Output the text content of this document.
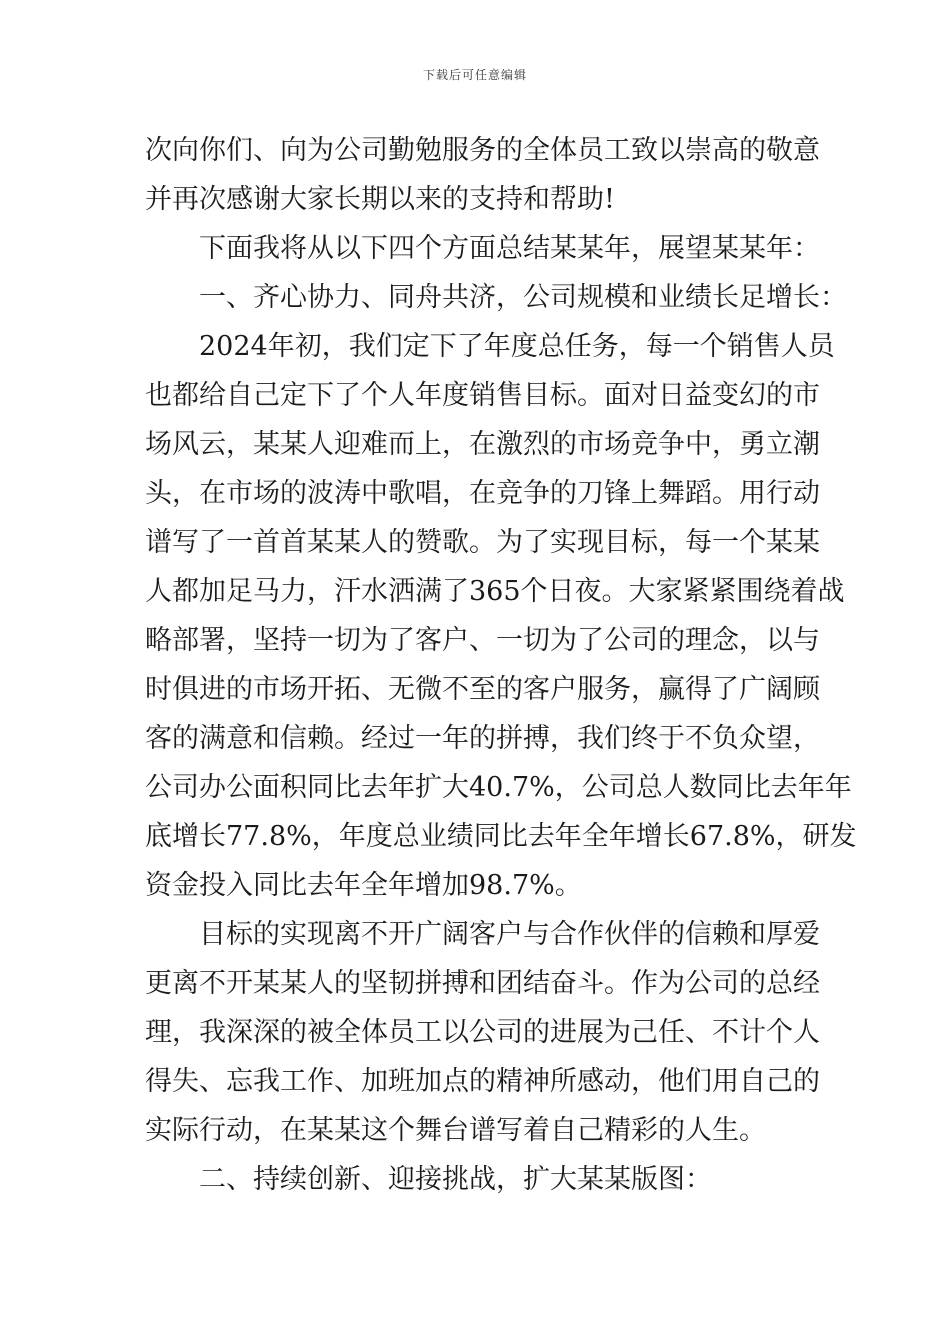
下载后可任意编辑
次向你们、向为公司勤勉服务的全体员工致以崇高的敬意
并再次感谢大家长期以来的支持和帮助!
下面我将从以下四个方面总结某某年，展望某某年：
一、齐心协力、同舟共济，公司规模和业绩长足增长：
2024年初，我们定下了年度总任务，每一个销售人员
也都给自己定下了个人年度销售目标。面对日益变幻的市
场风云，某某人迎难而上，在激烈的市场竞争中，勇立潮
头，在市场的波涛中歌唱，在竞争的刀锋上舞蹈。用行动
谱写了一首首某某人的赞歌。为了实现目标，每一个某某
人都加足马力，汗水洒满了365个日夜。大家紧紧围绕着战
略部署，坚持一切为了客户、一切为了公司的理念，以与
时俱进的市场开拓、无微不至的客户服务，赢得了广阔顾
客的满意和信赖。经过一年的拼搏，我们终于不负众望，
公司办公面积同比去年扩大40.7%，公司总人数同比去年年
底增长77.8%，年度总业绩同比去年全年增长67.8%，研发
资金投入同比去年全年增加98.7%。
目标的实现离不开广阔客户与合作伙伴的信赖和厚爱
更离不开某某人的坚韧拼搏和团结奋斗。作为公司的总经
理，我深深的被全体员工以公司的进展为己任、不计个人
得失、忘我工作、加班加点的精神所感动，他们用自己的
实际行动，在某某这个舞台谱写着自己精彩的人生。
二、持续创新、迎接挑战，扩大某某版图：
